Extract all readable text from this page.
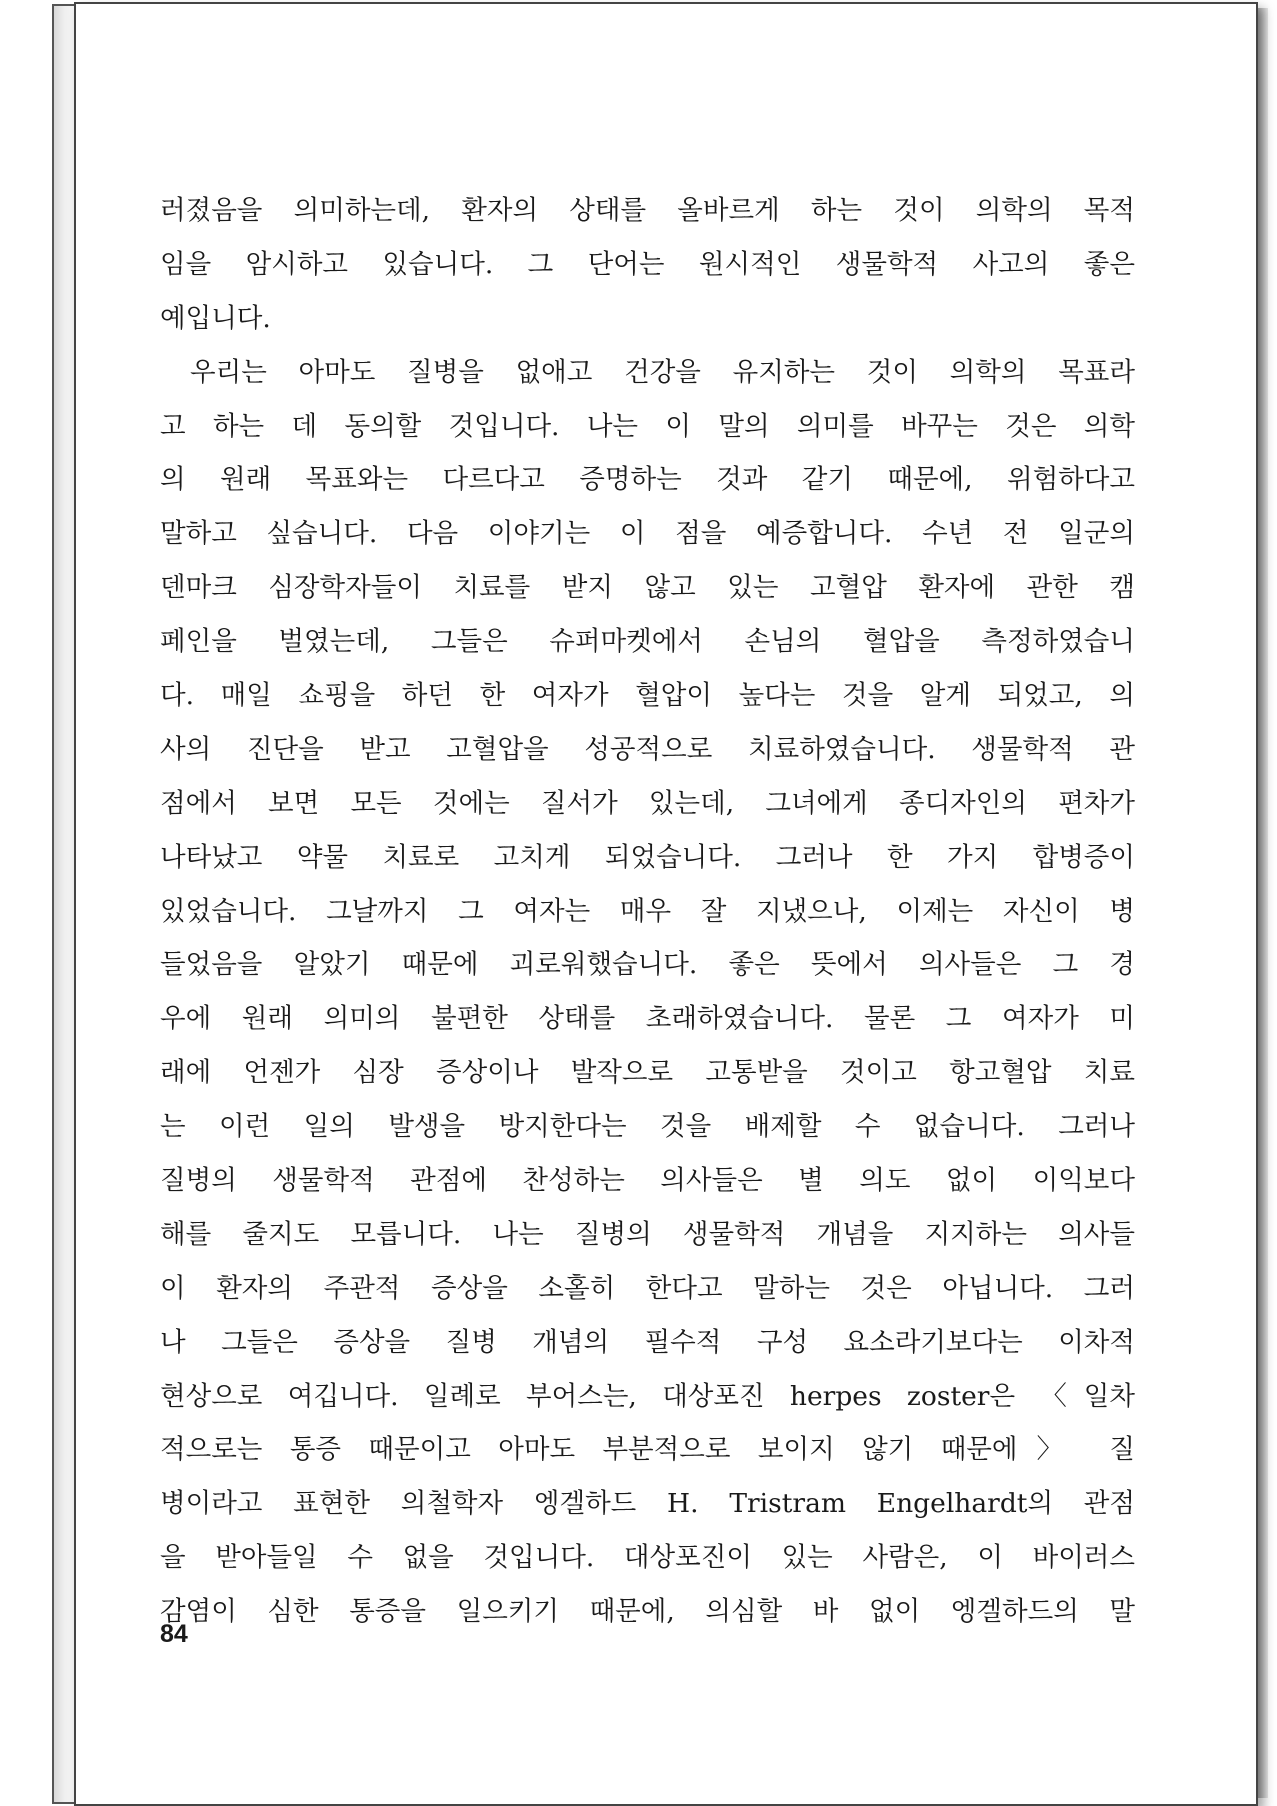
러졌음을 의미하는데, 환자의 상태를 올바르게 하는 것이 의학의 목적
임을 암시하고 있습니다. 그 단어는 원시적인 생물학적 사고의 좋은
예입니다.
우리는 아마도 질병을 없애고 건강을 유지하는 것이 의학의 목표라
고 하는 데 동의할 것입니다. 나는 이 말의 의미를 바꾸는 것은 의학
의 원래 목표와는 다르다고 증명하는 것과 같기 때문에, 위험하다고
말하고 싶습니다. 다음 이야기는 이 점을 예증합니다. 수년 전 일군의
덴마크 심장학자들이 치료를 받지 않고 있는 고혈압 환자에 관한 캠
페인을 벌였는데, 그들은 슈퍼마켓에서 손님의 혈압을 측정하였습니
다. 매일 쇼핑을 하던 한 여자가 혈압이 높다는 것을 알게 되었고, 의
사의 진단을 받고 고혈압을 성공적으로 치료하였습니다. 생물학적 관
점에서 보면 모든 것에는 질서가 있는데, 그녀에게 종디자인의 편차가
나타났고 약물 치료로 고치게 되었습니다. 그러나 한 가지 합병증이
있었습니다. 그날까지 그 여자는 매우 잘 지냈으나, 이제는 자신이 병
들었음을 알았기 때문에 괴로워했습니다. 좋은 뜻에서 의사들은 그 경
우에 원래 의미의 불편한 상태를 초래하였습니다. 물론 그 여자가 미
래에 언젠가 심장 증상이나 발작으로 고통받을 것이고 항고혈압 치료
는 이런 일의 발생을 방지한다는 것을 배제할 수 없습니다. 그러나
질병의 생물학적 관점에 찬성하는 의사들은 별 의도 없이 이익보다
해를 줄지도 모릅니다. 나는 질병의 생물학적 개념을 지지하는 의사들
이 환자의 주관적 증상을 소홀히 한다고 말하는 것은 아닙니다. 그러
나 그들은 증상을 질병 개념의 필수적 구성 요소라기보다는 이차적
현상으로 여깁니다. 일례로 부어스는, 대상포진 herpes zoster은 〈일차
적으로는 통증 때문이고 아마도 부분적으로 보이지 않기 때문에〉 질
병이라고 표현한 의철학자 엥겔하드 H. Tristram Engelhardt의 관점
을 받아들일 수 없을 것입니다. 대상포진이 있는 사람은, 이 바이러스
감염이 심한 통증을 일으키기 때문에, 의심할 바 없이 엥겔하드의 말
84
